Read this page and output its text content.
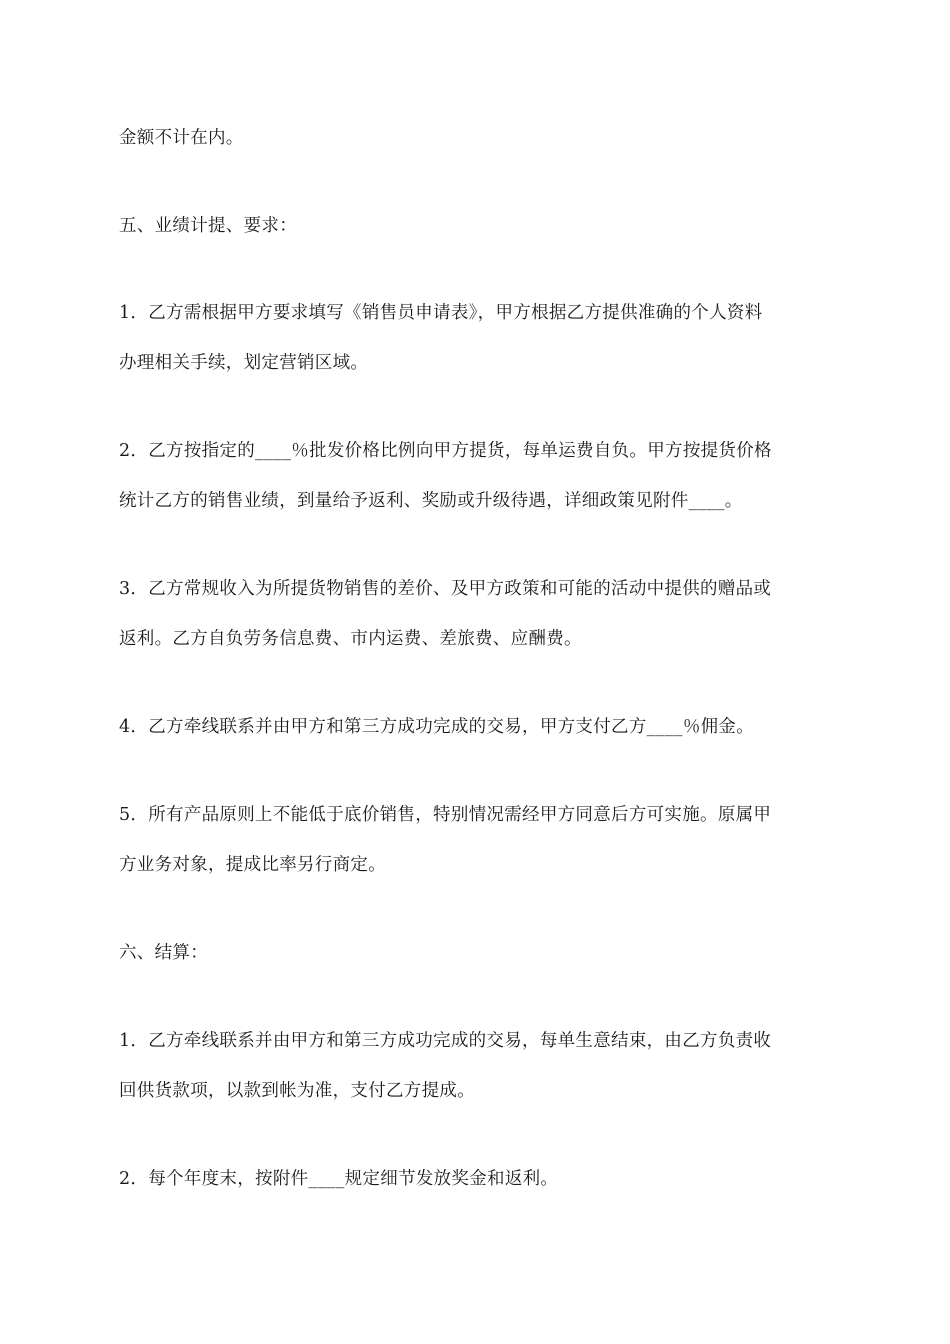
金额不计在内。
五、业绩计提、要求：
1．乙方需根据甲方要求填写《销售员申请表》，甲方根据乙方提供准确的个人资料
办理相关手续，划定营销区域。
2．乙方按指定的____％批发价格比例向甲方提货，每单运费自负。甲方按提货价格
统计乙方的销售业绩，到量给予返利、奖励或升级待遇，详细政策见附件____。
3．乙方常规收入为所提货物销售的差价、及甲方政策和可能的活动中提供的赠品或
返利。乙方自负劳务信息费、市内运费、差旅费、应酬费。
4．乙方牵线联系并由甲方和第三方成功完成的交易，甲方支付乙方____％佣金。
5．所有产品原则上不能低于底价销售，特别情况需经甲方同意后方可实施。原属甲
方业务对象，提成比率另行商定。
六、结算：
1．乙方牵线联系并由甲方和第三方成功完成的交易，每单生意结束，由乙方负责收
回供货款项，以款到帐为准，支付乙方提成。
2．每个年度末，按附件____规定细节发放奖金和返利。
